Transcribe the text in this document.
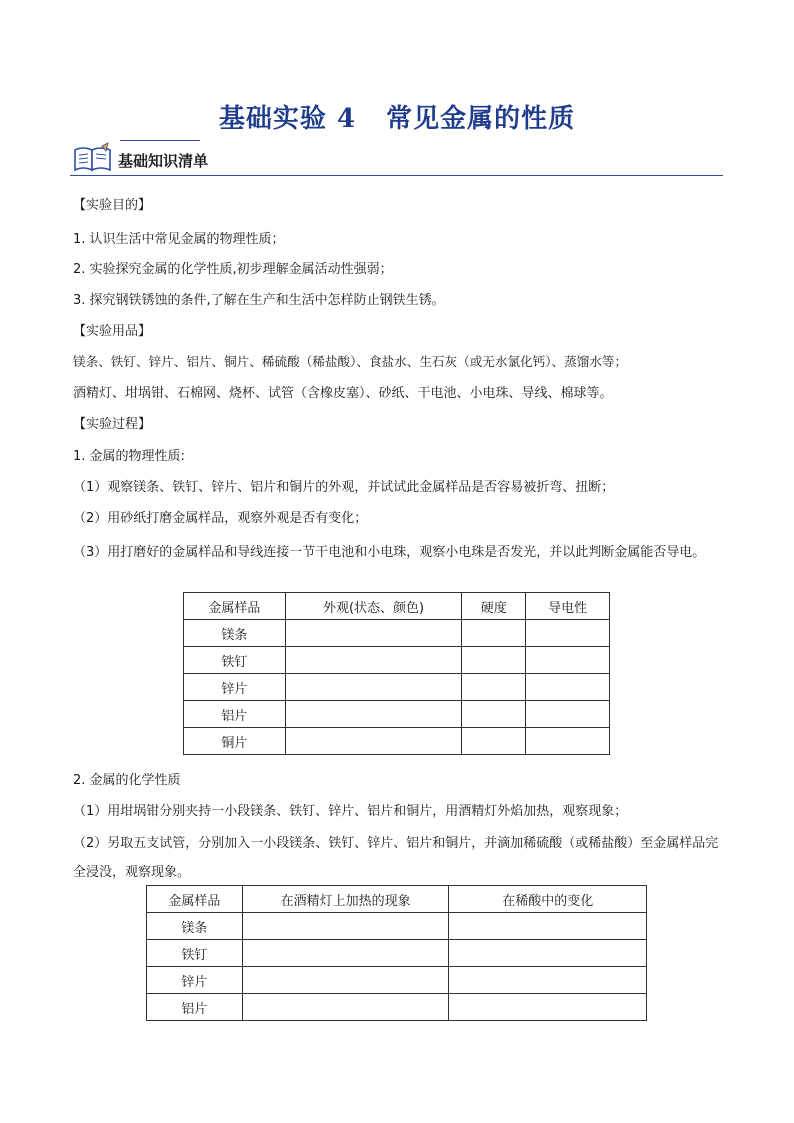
基础实验 4 常见金属的性质
基础知识清单
【实验目的】
1. 认识生活中常见金属的物理性质；
2. 实验探究金属的化学性质,初步理解金属活动性强弱；
3. 探究钢铁锈蚀的条件,了解在生产和生活中怎样防止钢铁生锈。
【实验用品】
镁条、铁钉、锌片、铝片、铜片、稀硫酸（稀盐酸）、食盐水、生石灰（或无水氯化钙）、蒸馏水等；
酒精灯、坩埚钳、石棉网、烧杯、试管（含橡皮塞）、砂纸、干电池、小电珠、导线、棉球等。
【实验过程】
1. 金属的物理性质:
（1）观察镁条、铁钉、锌片、铝片和铜片的外观，并试试此金属样品是否容易被折弯、扭断；
（2）用砂纸打磨金属样品，观察外观是否有变化；
（3）用打磨好的金属样品和导线连接一节干电池和小电珠，观察小电珠是否发光，并以此判断金属能否导电。
金属样品	外观(状态、颜色)	硬度	导电性
镁条			
铁钉			
锌片			
铝片			
铜片			
2. 金属的化学性质
（1）用坩埚钳分别夹持一小段镁条、铁钉、锌片、铝片和铜片，用酒精灯外焰加热，观察现象；
（2）另取五支试管，分别加入一小段镁条、铁钉、锌片、铝片和铜片，并滴加稀硫酸（或稀盐酸）至金属样品完全浸没，观察现象。
金属样品	在酒精灯上加热的现象	在稀酸中的变化
镁条		
铁钉		
锌片		
铝片		
